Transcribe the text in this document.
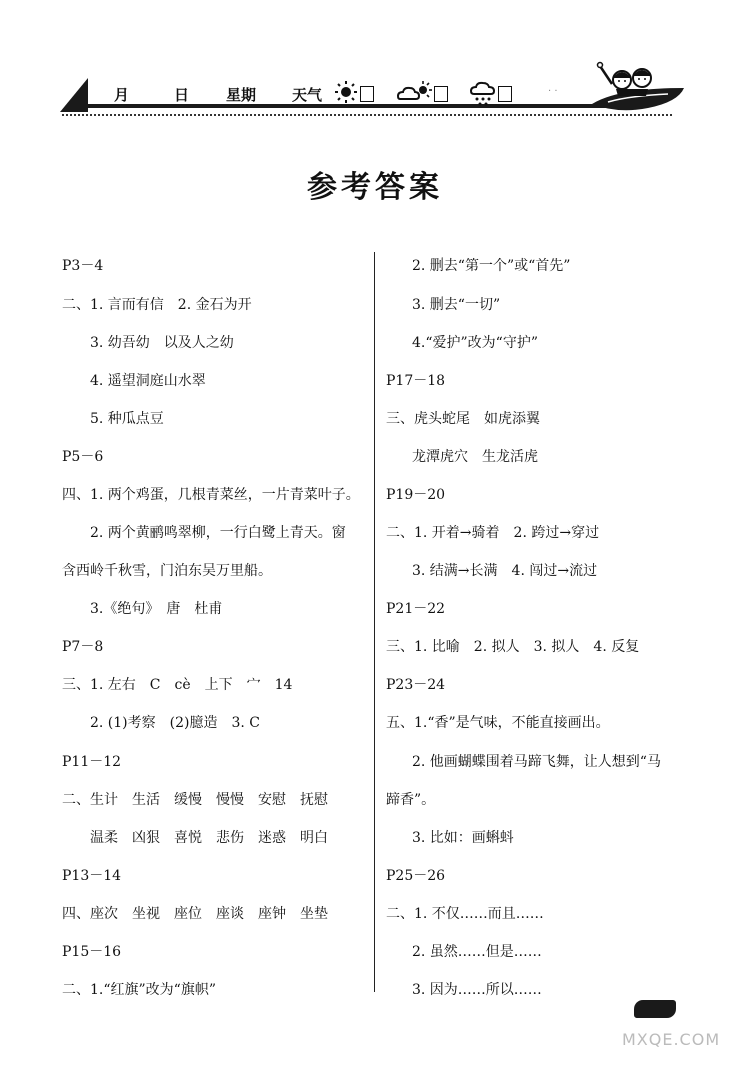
月	日 星期 天气	· ·
参考答案
P3－4
二、1. 言而有信　2. 金石为开
3. 幼吾幼　以及人之幼
4. 遥望洞庭山水翠
5. 种瓜点豆
P5－6
四、1. 两个鸡蛋，几根青菜丝，一片青菜叶子。
2. 两个黄鹂鸣翠柳，一行白鹭上青天。窗
含西岭千秋雪，门泊东吴万里船。
3.《绝句》　唐　杜甫
P7－8
三、1. 左右　C　cè　上下　宀　14
2. (1)考察　(2)臆造　3. C
P11－12
二、生计　生活　缓慢　慢慢　安慰　抚慰
温柔　凶狠　喜悦　悲伤　迷惑　明白
P13－14
四、座次　坐视　座位　座谈　座钟　坐垫
P15－16
二、1.“红旗”改为“旗帜”
2. 删去“第一个”或“首先”
3. 删去“一切”
4.“爱护”改为“守护”
P17－18
三、虎头蛇尾　如虎添翼
龙潭虎穴　生龙活虎
P19－20
二、1. 开着→骑着　2. 跨过→穿过
3. 结满→长满　4. 闯过→流过
P21－22
三、1. 比喻　2. 拟人　3. 拟人　4. 反复
P23－24
五、1.“香”是气味，不能直接画出。
2. 他画蝴蝶围着马蹄飞舞，让人想到“马
蹄香”。
3. 比如：画蝌蚪
P25－26
二、1. 不仅……而且……
2. 虽然……但是……
3. 因为……所以……
MXQE.COM
